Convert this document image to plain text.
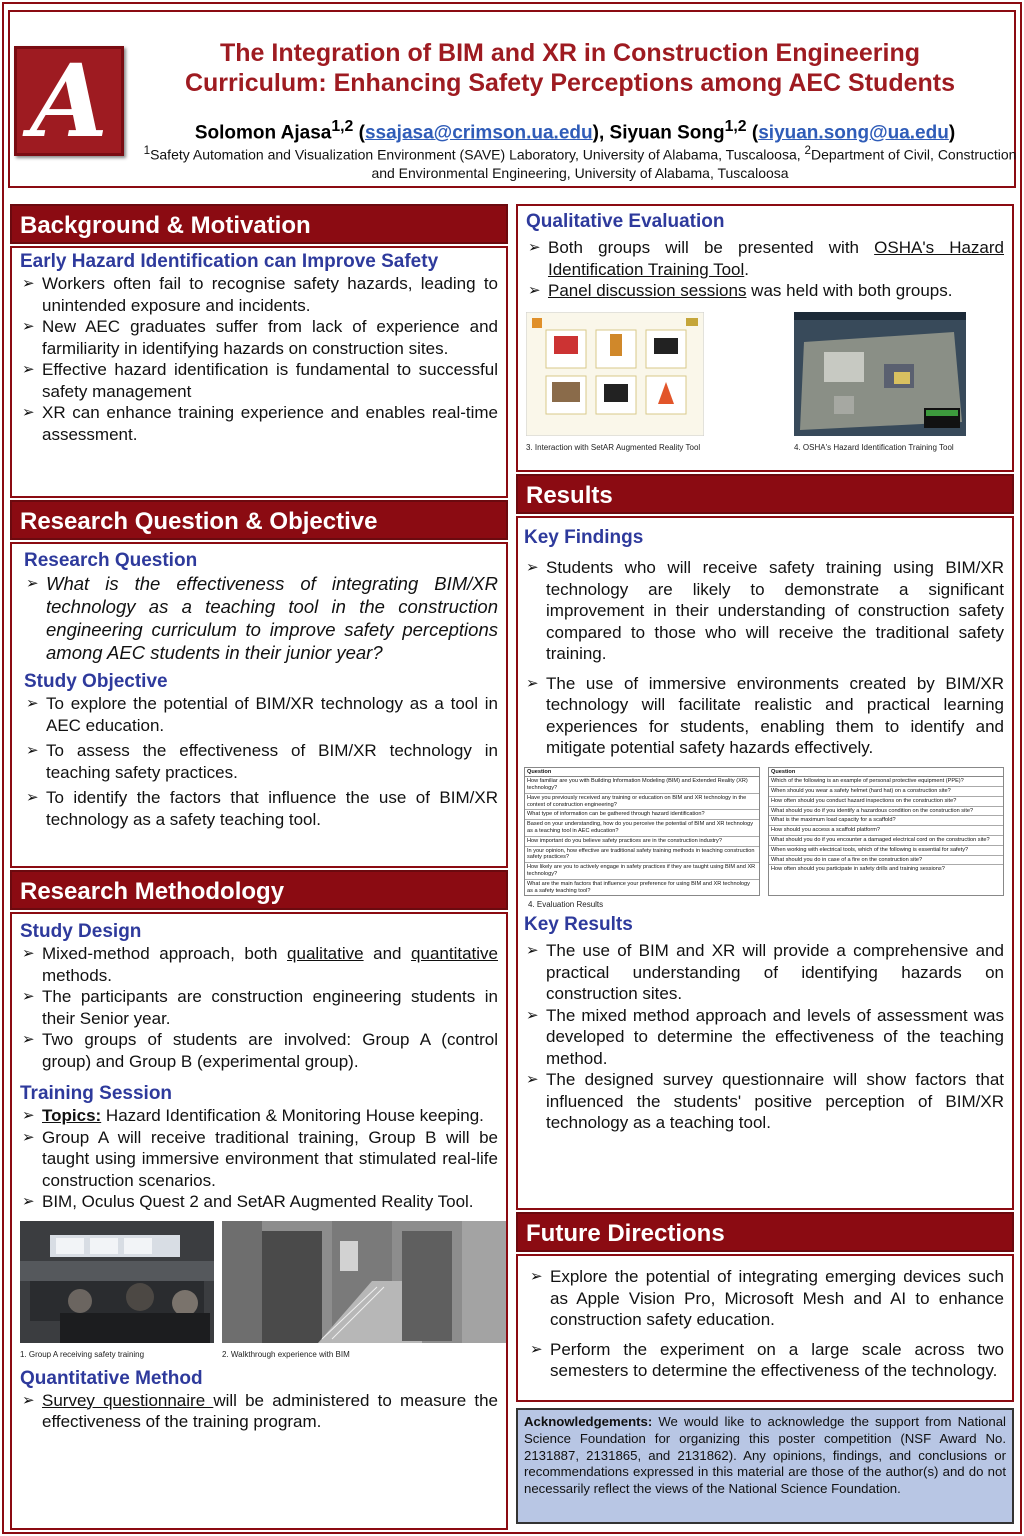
A	The Integration of BIM and XR in Construction Engineering
Curriculum: Enhancing Safety Perceptions among AEC Students
Solomon Ajasa$^{1,2}$ (ssajasa@crimson.ua.edu), Siyuan Song$^{1,2}$ (siyuan.song@ua.edu)
$^1$Safety Automation and Visualization Environment (SAVE) Laboratory, University of Alabama, Tuscaloosa, $^2$Department of Civil, Construction and Environmental Engineering, University of Alabama, Tuscaloosa
Background & Motivation
Early Hazard Identification can Improve Safety
➢ Workers often fail to recognise safety hazards, leading to unintended exposure and incidents.
➢ New AEC graduates suffer from lack of experience and farmiliarity in identifying hazards on construction sites.
➢ Effective hazard identification is fundamental to successful safety management
➢ XR can enhance training experience and enables real-time assessment.
Research Question & Objective
Research Question
➢ What is the effectiveness of integrating BIM/XR technology as a teaching tool in the construction engineering curriculum to improve safety perceptions among AEC students in their junior year?
Study Objective
➢ To explore the potential of BIM/XR technology as a tool in AEC education.
➢ To assess the effectiveness of BIM/XR technology in teaching safety practices.
➢ To identify the factors that influence the use of BIM/XR technology as a safety teaching tool.
Research Methodology
Study Design
➢ Mixed-method approach, both qualitative and quantitative methods.
➢ The participants are construction engineering students in their Senior year.
➢ Two groups of students are involved: Group A (control group) and Group B (experimental group).
Training Session
➢ Topics: Hazard Identification & Monitoring House keeping.
➢ Group A will receive traditional training, Group B will be taught using immersive environment that stimulated real-life construction scenarios.
➢ BIM, Oculus Quest 2 and SetAR Augmented Reality Tool.
1. Group A receiving safety training	2. Walkthrough experience with BIM
Quantitative Method
➢ Survey questionnaire will be administered to measure the effectiveness of the training program.
Qualitative Evaluation
➢ Both groups will be presented with OSHA's Hazard Identification Training Tool.
➢ Panel discussion sessions was held with both groups.
3. Interaction with SetAR Augmented Reality Tool	4. OSHA's Hazard Identification Training Tool
Results
Key Findings
➢ Students who will receive safety training using BIM/XR technology are likely to demonstrate a significant improvement in their understanding of construction safety compared to those who will receive the traditional safety training.
➢ The use of immersive environments created by BIM/XR technology will facilitate realistic and practical learning experiences for students, enabling them to identify and mitigate potential safety hazards effectively.
Question
How familiar are you with Building Information Modeling (BIM) and Extended Reality (XR) technology?
Have you previously received any training or education on BIM and XR technology in the context of construction engineering?
What type of information can be gathered through hazard identification?
Based on your understanding, how do you perceive the potential of BIM and XR technology as a teaching tool in AEC education?
How important do you believe safety practices are in the construction industry?
In your opinion, how effective are traditional safety training methods in teaching construction safety practices?
How likely are you to actively engage in safety practices if they are taught using BIM and XR technology?
What are the main factors that influence your preference for using BIM and XR technology as a safety teaching tool?
Question
Which of the following is an example of personal protective equipment (PPE)?
When should you wear a safety helmet (hard hat) on a construction site?
How often should you conduct hazard inspections on the construction site?
What should you do if you identify a hazardous condition on the construction site?
What is the maximum load capacity for a scaffold?
How should you access a scaffold platform?
What should you do if you encounter a damaged electrical cord on the construction site?
When working with electrical tools, which of the following is essential for safety?
What should you do in case of a fire on the construction site?
How often should you participate in safety drills and training sessions?
4. Evaluation Results
Key Results
➢ The use of BIM and XR will provide a comprehensive and practical understanding of identifying hazards on construction sites.
➢ The mixed method approach and levels of assessment was developed to determine the effectiveness of the teaching method.
➢ The designed survey questionnaire will show factors that influenced the students' positive perception of BIM/XR technology as a teaching tool.
Future Directions
➢ Explore the potential of integrating emerging devices such as Apple Vision Pro, Microsoft Mesh and AI to enhance construction safety education.
➢ Perform the experiment on a large scale across two semesters to determine the effectiveness of the technology.
Acknowledgements: We would like to acknowledge the support from National Science Foundation for organizing this poster competition (NSF Award No. 2131887, 2131865, and 2131862). Any opinions, findings, and conclusions or recommendations expressed in this material are those of the author(s) and do not necessarily reflect the views of the National Science Foundation.
